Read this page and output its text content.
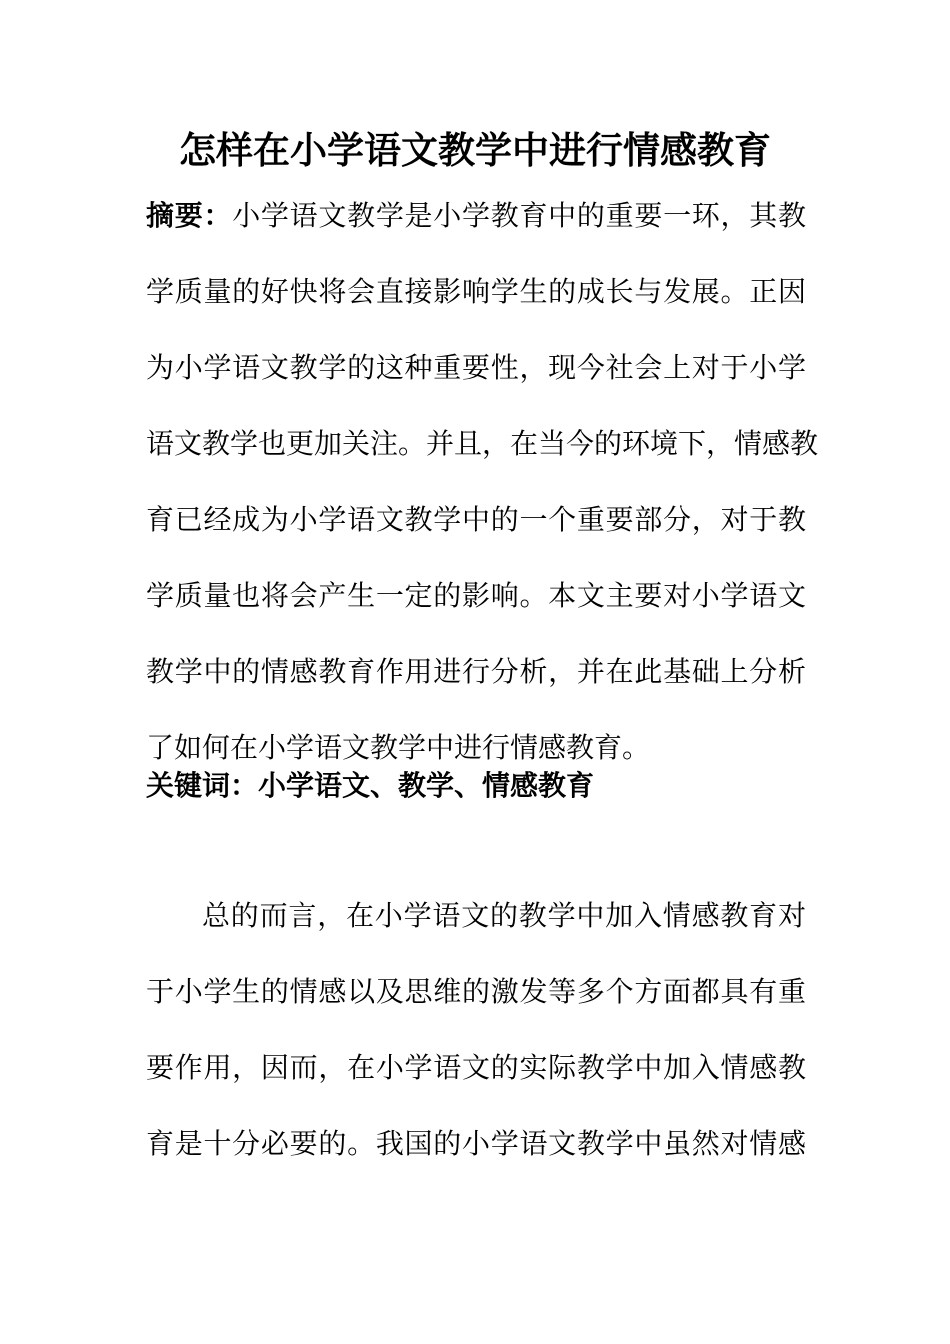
怎样在小学语文教学中进行情感教育
摘要：小学语文教学是小学教育中的重要一环，其教
学质量的好快将会直接影响学生的成长与发展。正因
为小学语文教学的这种重要性，现今社会上对于小学
语文教学也更加关注。并且，在当今的环境下，情感教
育已经成为小学语文教学中的一个重要部分，对于教
学质量也将会产生一定的影响。本文主要对小学语文
教学中的情感教育作用进行分析，并在此基础上分析
了如何在小学语文教学中进行情感教育。
关键词：小学语文、教学、情感教育
总的而言，在小学语文的教学中加入情感教育对
于小学生的情感以及思维的激发等多个方面都具有重
要作用，因而，在小学语文的实际教学中加入情感教
育是十分必要的。我国的小学语文教学中虽然对情感
